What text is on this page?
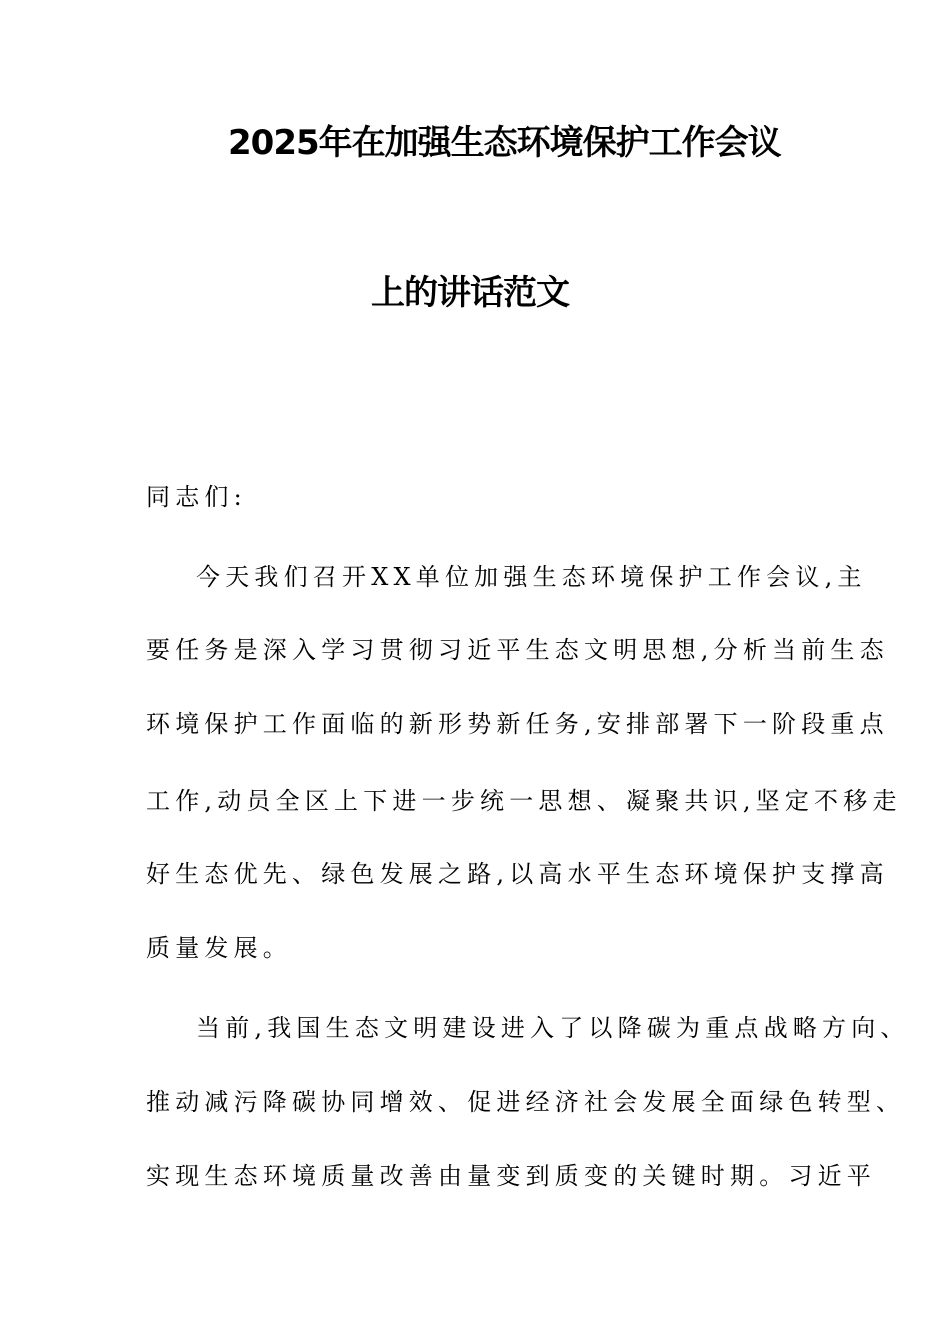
2025年在加强生态环境保护工作会议
上的讲话范文
同志们:
今天我们召开XX单位加强生态环境保护工作会议,主
要任务是深入学习贯彻习近平生态文明思想,分析当前生态
环境保护工作面临的新形势新任务,安排部署下一阶段重点
工作,动员全区上下进一步统一思想、凝聚共识,坚定不移走
好生态优先、绿色发展之路,以高水平生态环境保护支撑高
质量发展。
当前,我国生态文明建设进入了以降碳为重点战略方向、
推动减污降碳协同增效、促进经济社会发展全面绿色转型、
实现生态环境质量改善由量变到质变的关键时期。习近平
